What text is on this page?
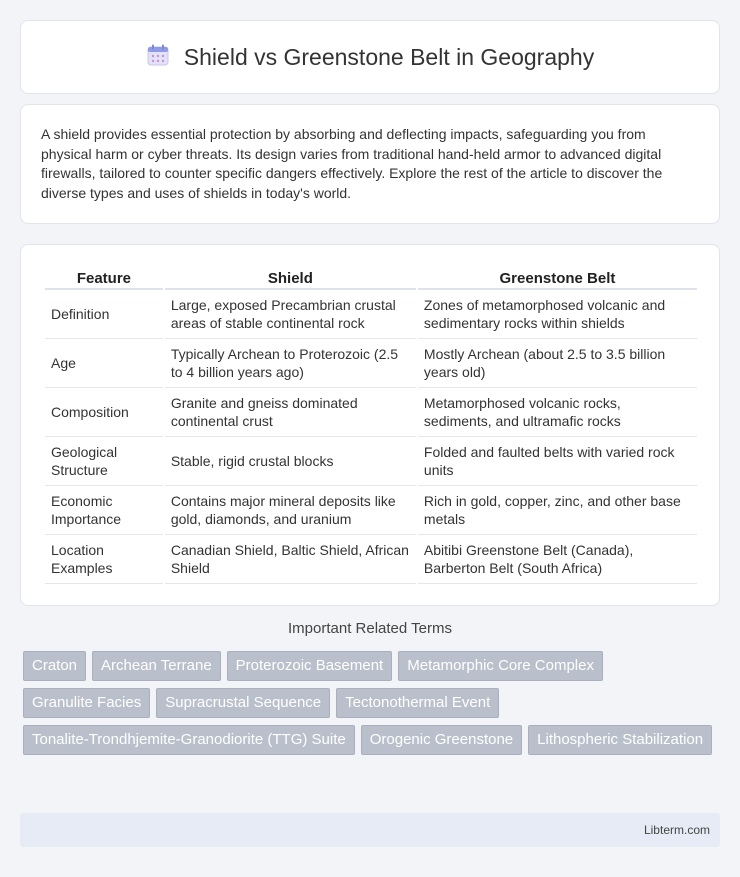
Shield vs Greenstone Belt in Geography

A shield provides essential protection by absorbing and deflecting impacts, safeguarding you from physical harm or cyber threats. Its design varies from traditional hand-held armor to advanced digital firewalls, tailored to counter specific dangers effectively. Explore the rest of the article to discover the diverse types and uses of shields in today's world.

Feature	Shield	Greenstone Belt
Definition	Large, exposed Precambrian crustal areas of stable continental rock	Zones of metamorphosed volcanic and sedimentary rocks within shields
Age	Typically Archean to Proterozoic (2.5 to 4 billion years ago)	Mostly Archean (about 2.5 to 3.5 billion years old)
Composition	Granite and gneiss dominated continental crust	Metamorphosed volcanic rocks, sediments, and ultramafic rocks
Geological Structure	Stable, rigid crustal blocks	Folded and faulted belts with varied rock units
Economic Importance	Contains major mineral deposits like gold, diamonds, and uranium	Rich in gold, copper, zinc, and other base metals
Location Examples	Canadian Shield, Baltic Shield, African Shield	Abitibi Greenstone Belt (Canada), Barberton Belt (South Africa)
Important Related Terms
Craton	Archean Terrane	Proterozoic Basement	Metamorphic Core Complex
Granulite Facies	Supracrustal Sequence	Tectonothermal Event
Tonalite-Trondhjemite-Granodiorite (TTG) Suite	Orogenic Greenstone	Lithospheric Stabilization
Libterm.com
